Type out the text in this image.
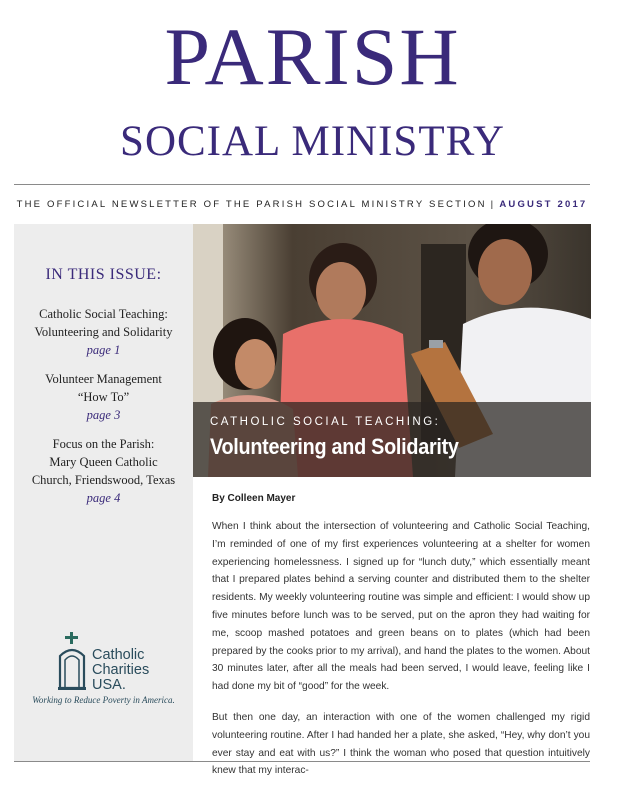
PARISH
SOCIAL MINISTRY
THE OFFICIAL NEWSLETTER OF THE PARISH SOCIAL MINISTRY SECTION | AUGUST 2017
IN THIS ISSUE:
Catholic Social Teaching:
Volunteering and Solidarity
page 1
Volunteer Management
“How To”
page 3
Focus on the Parish:
Mary Queen Catholic
Church, Friendswood, Texas
page 4
Catholic
Charities
USA.
Working to Reduce Poverty in America.
CATHOLIC SOCIAL TEACHING:
Volunteering and Solidarity
By Colleen Mayer

When I think about the intersection of volunteering and Catholic Social Teaching, I’m reminded of one of my first experiences volunteering at a shelter for women experiencing homelessness. I signed up for “lunch duty,” which essentially meant that I prepared plates behind a serving counter and distributed them to the shelter residents. My weekly volunteering routine was simple and efficient: I would show up five minutes before lunch was to be served, put on the apron they had waiting for me, scoop mashed potatoes and green beans on to plates (which had been prepared by the cooks prior to my arrival), and hand the plates to the women. About 30 minutes later, after all the meals had been served, I would leave, feeling like I had done my bit of “good” for the week.

But then one day, an interaction with one of the women challenged my rigid volunteering routine. After I had handed her a plate, she asked, “Hey, why don’t you ever stay and eat with us?” I think the woman who posed that question intuitively knew that my interac-
